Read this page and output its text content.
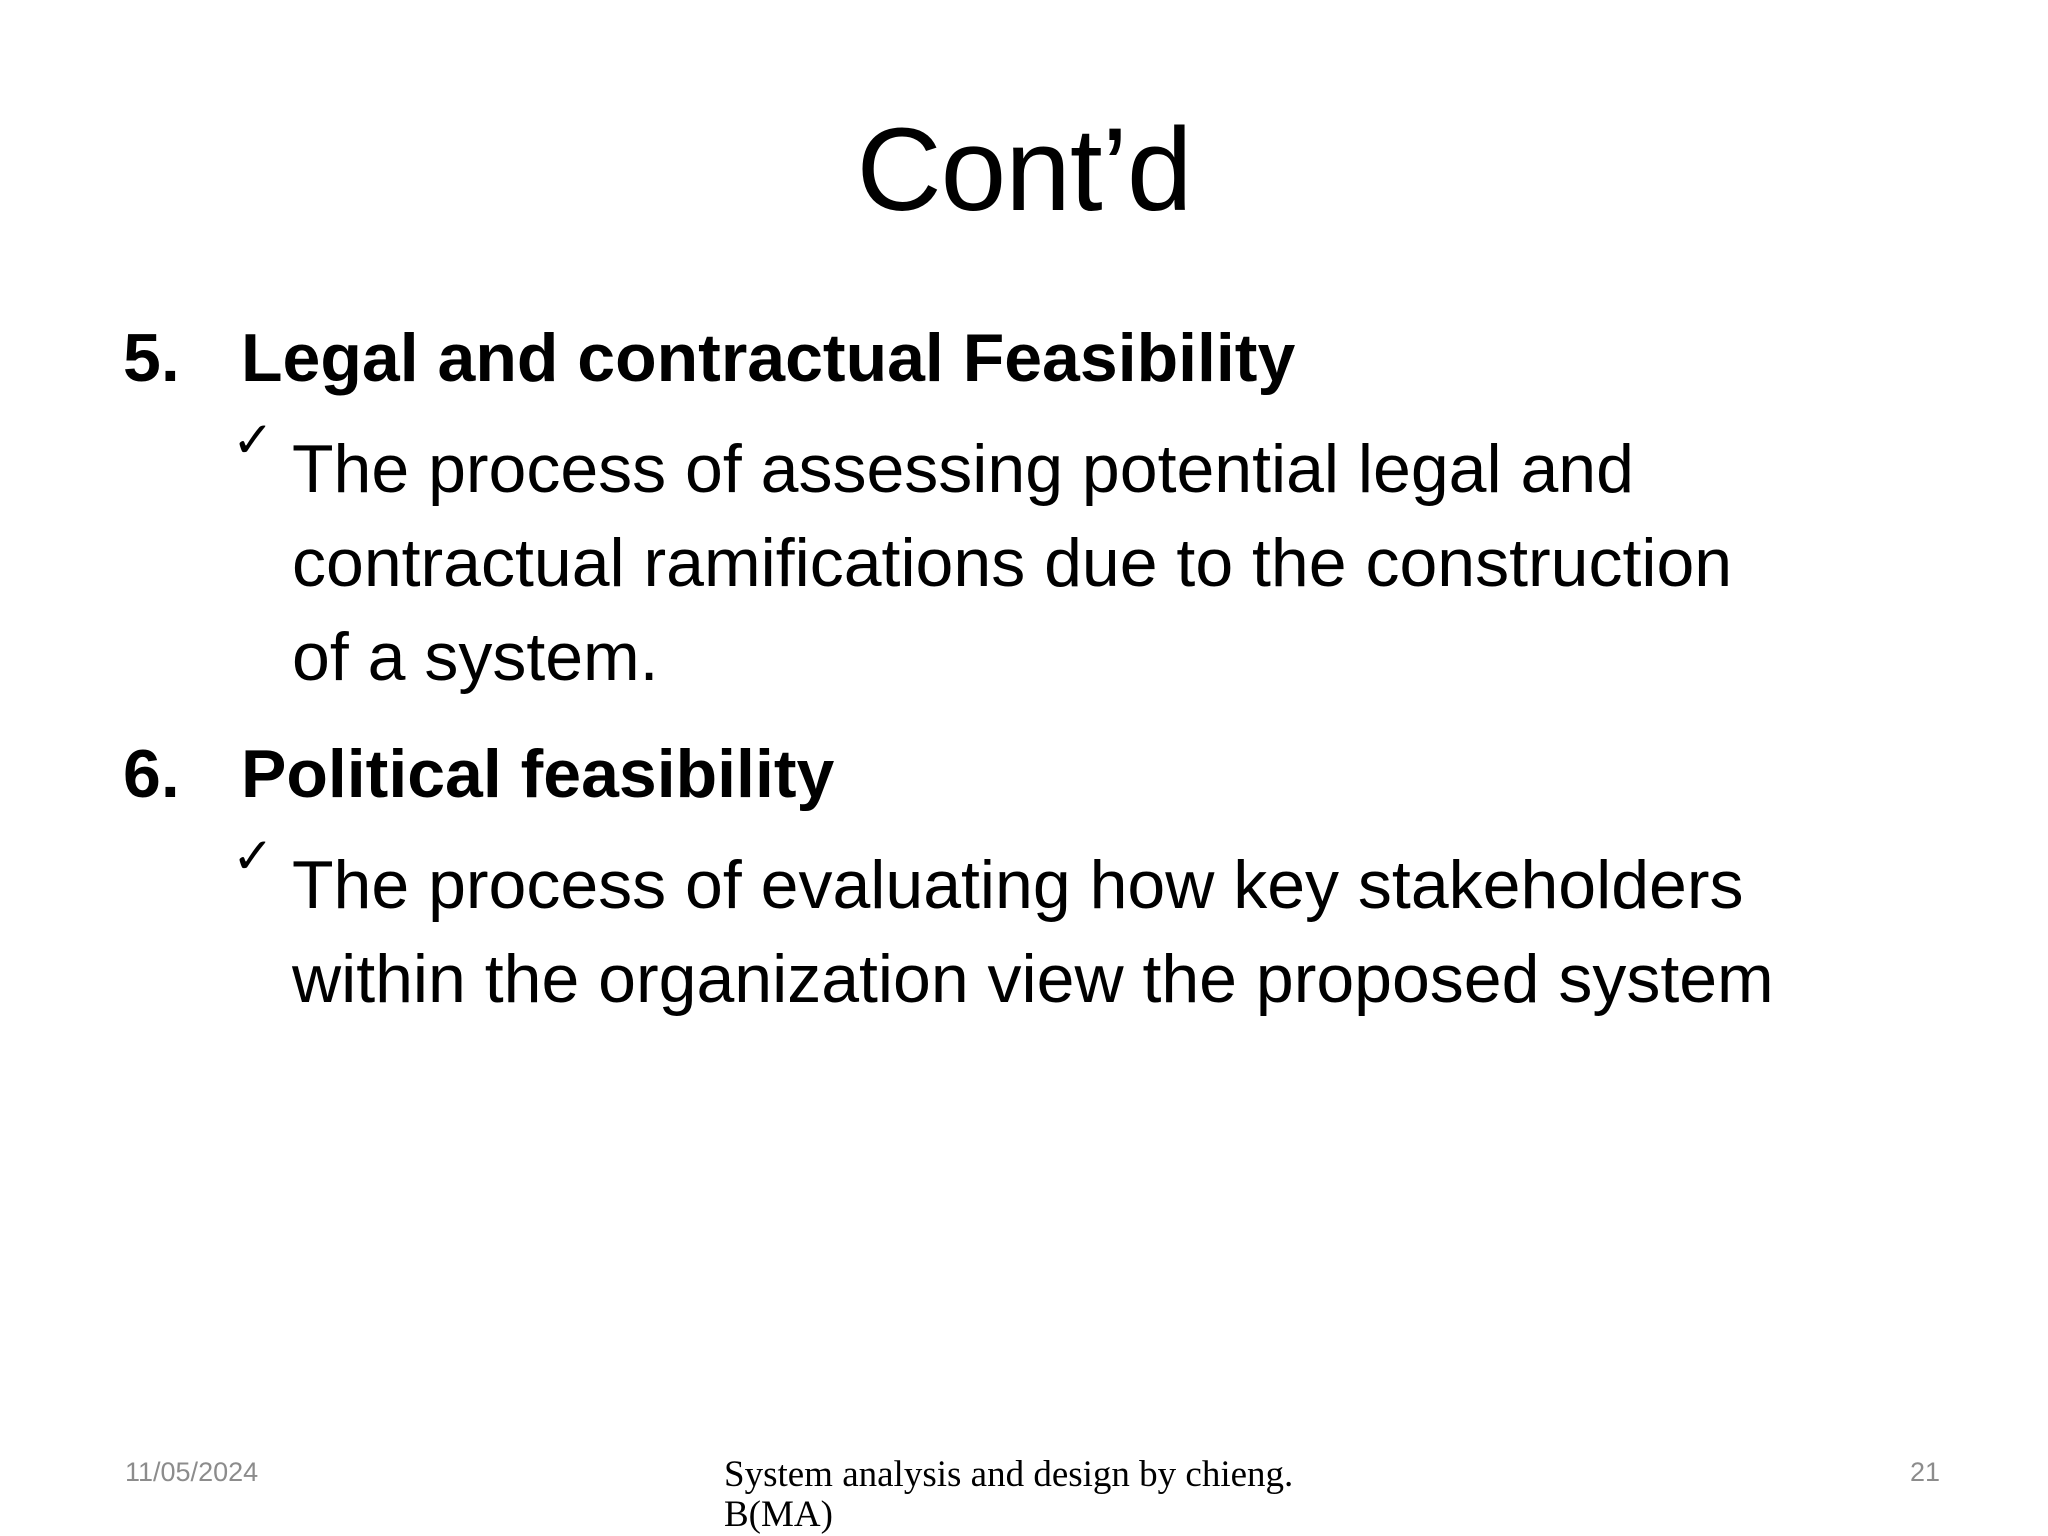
Cont’d
5. Legal and contractual Feasibility
✓ The process of assessing potential legal and
contractual ramifications due to the construction
of a system.
6. Political feasibility
✓ The process of evaluating how key stakeholders
within the organization view the proposed system
11/05/2024	System analysis and design by chieng.
B(MA)
21
